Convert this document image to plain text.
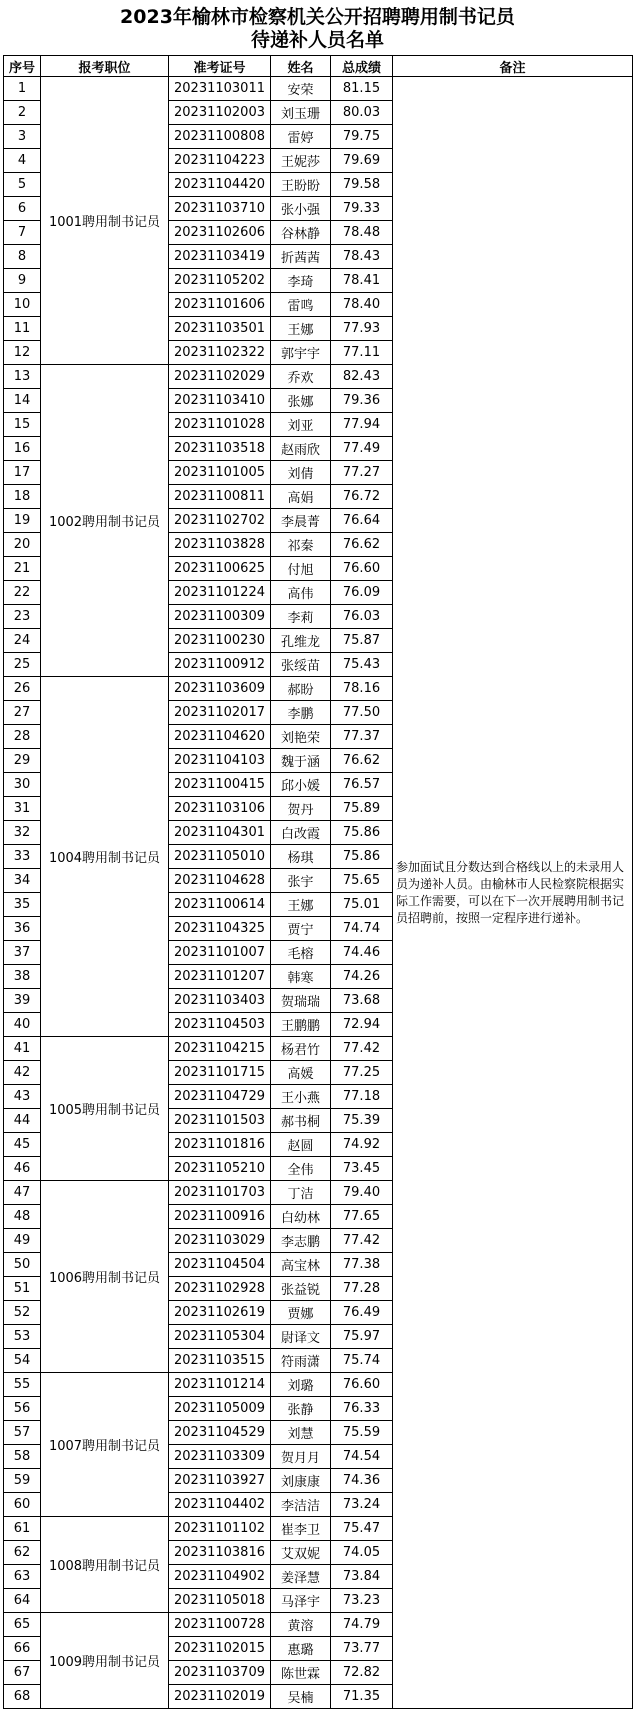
2023年榆林市检察机关公开招聘聘用制书记员
待递补人员名单
序号	报考职位	准考证号	姓名	总成绩	备注
1	1001聘用制书记员	20231103011	安荣	81.15	参加面试且分数达到合格线以上的未录用人员为递补人员。由榆林市人民检察院根据实际工作需要，可以在下一次开展聘用制书记员招聘前，按照一定程序进行递补。
2		20231102003	刘玉珊	80.03	
3		20231100808	雷婷	79.75	
4		20231104223	王妮莎	79.69	
5		20231104420	王盼盼	79.58	
6		20231103710	张小强	79.33	
7		20231102606	谷林静	78.48	
8		20231103419	折茜茜	78.43	
9		20231105202	李琦	78.41	
10		20231101606	雷鸣	78.40	
11		20231103501	王娜	77.93	
12		20231102322	郭宇宇	77.11	
13	1002聘用制书记员	20231102029	乔欢	82.43	
14		20231103410	张娜	79.36	
15		20231101028	刘亚	77.94	
16		20231103518	赵雨欣	77.49	
17		20231101005	刘倩	77.27	
18		20231100811	高娟	76.72	
19		20231102702	李晨菁	76.64	
20		20231103828	祁秦	76.62	
21		20231100625	付旭	76.60	
22		20231101224	高伟	76.09	
23		20231100309	李莉	76.03	
24		20231100230	孔维龙	75.87	
25		20231100912	张绥苗	75.43	
26	1004聘用制书记员	20231103609	郝盼	78.16	
27		20231102017	李鹏	77.50	
28		20231104620	刘艳荣	77.37	
29		20231104103	魏于涵	76.62	
30		20231100415	邱小媛	76.57	
31		20231103106	贺丹	75.89	
32		20231104301	白改霞	75.86	
33		20231105010	杨琪	75.86	
34		20231104628	张宇	75.65	
35		20231100614	王娜	75.01	
36		20231104325	贾宁	74.74	
37		20231101007	毛榕	74.46	
38		20231101207	韩寒	74.26	
39		20231103403	贺瑞瑞	73.68	
40		20231104503	王鹏鹏	72.94	
41	1005聘用制书记员	20231104215	杨君竹	77.42	
42		20231101715	高媛	77.25	
43		20231104729	王小燕	77.18	
44		20231101503	郝书桐	75.39	
45		20231101816	赵圆	74.92	
46		20231105210	全伟	73.45	
47	1006聘用制书记员	20231101703	丁洁	79.40	
48		20231100916	白幼林	77.65	
49		20231103029	李志鹏	77.42	
50		20231104504	高宝林	77.38	
51		20231102928	张益锐	77.28	
52		20231102619	贾娜	76.49	
53		20231105304	尉译文	75.97	
54		20231103515	符雨潇	75.74	
55	1007聘用制书记员	20231101214	刘璐	76.60	
56		20231105009	张静	76.33	
57		20231104529	刘慧	75.59	
58		20231103309	贺月月	74.54	
59		20231103927	刘康康	74.36	
60		20231104402	李洁洁	73.24	
61	1008聘用制书记员	20231101102	崔李卫	75.47	
62		20231103816	艾双妮	74.05	
63		20231104902	姜泽慧	73.84	
64		20231105018	马泽宇	73.23	
65	1009聘用制书记员	20231100728	黄溶	74.79	
66		20231102015	惠璐	73.77	
67		20231103709	陈世霖	72.82	
68		20231102019	吴楠	71.35	
